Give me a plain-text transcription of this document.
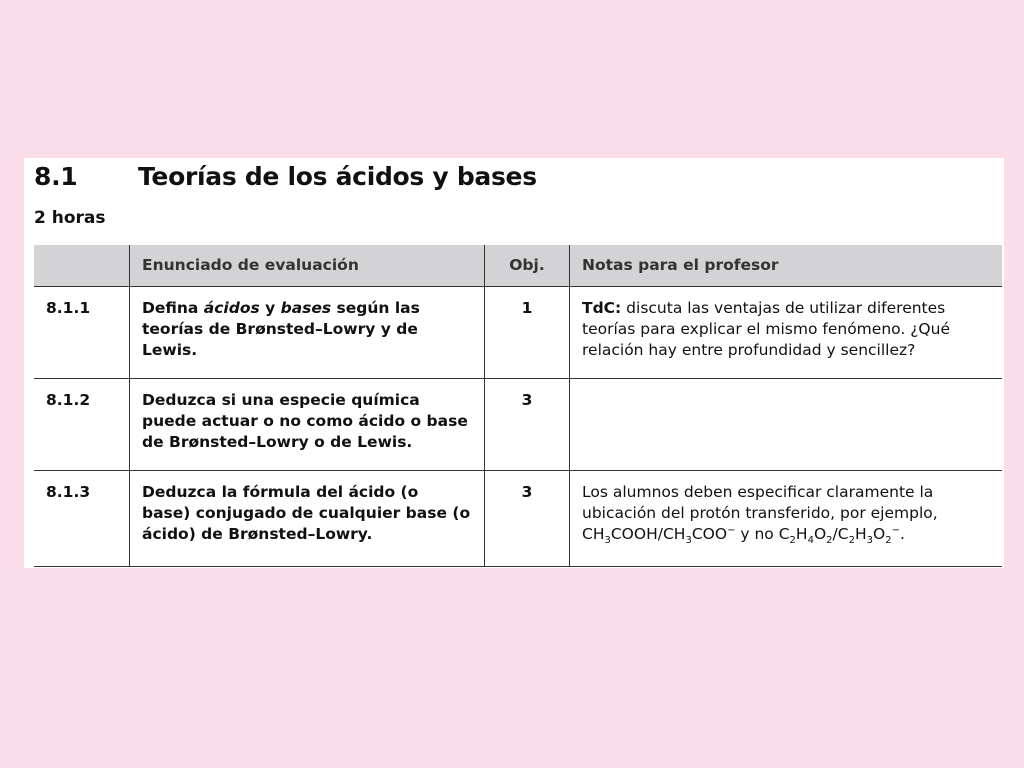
8.1 Teorías de los ácidos y bases
2 horas
	Enunciado de evaluación	Obj.	Notas para el profesor
8.1.1	Defina ácidos y bases según las teorías de Brønsted–Lowry y de Lewis.	1	TdC: discuta las ventajas de utilizar diferentes teorías para explicar el mismo fenómeno. ¿Qué relación hay entre profundidad y sencillez?
8.1.2	Deduzca si una especie química puede actuar o no como ácido o base de Brønsted–Lowry o de Lewis.	3	
8.1.3	Deduzca la fórmula del ácido (o base) conjugado de cualquier base (o ácido) de Brønsted–Lowry.	3	Los alumnos deben especificar claramente la ubicación del protón transferido, por ejemplo, $CH_3COOH/CH_3COO^-$ y no $C_2H_4O_2/C_2H_3O_2^-$.
